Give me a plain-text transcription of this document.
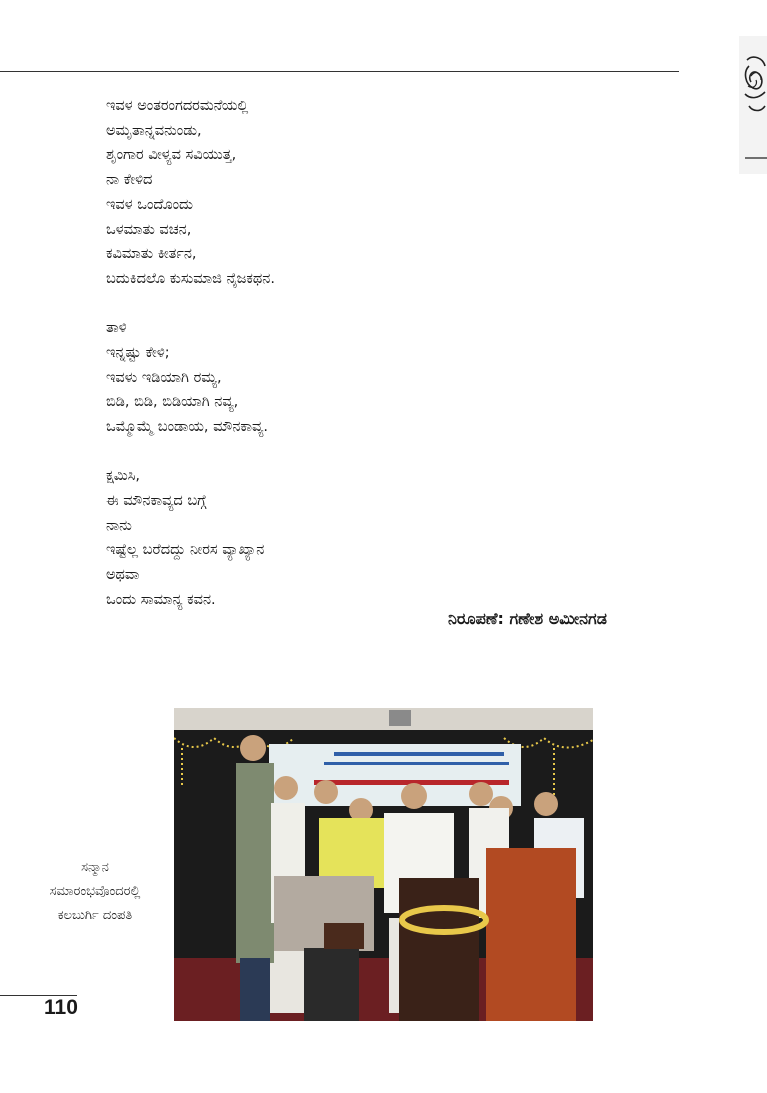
ಇವಳ ಅಂತರಂಗದರಮನೆಯಲ್ಲಿ
ಅಮೃತಾನ್ನವನುಂಡು,
ಶೃಂಗಾರ ವೀಳ್ಯವ ಸವಿಯುತ್ತ,
ನಾ ಕೇಳಿದ
ಇವಳ ಒಂದೊಂದು
ಒಳಮಾತು ವಚನ,
ಕವಿಮಾತು ಕೀರ್ತನ,
ಬದುಕಿದಲೊ ಕುಸುಮಾಜಿ ನೈಜಕಥನ.
ತಾಳಿ
ಇನ್ನಷ್ಟು ಕೇಳಿ;
ಇವಳು ಇಡಿಯಾಗಿ ರಮ್ಯ,
ಬಿಡಿ, ಬಿಡಿ, ಬಿಡಿಯಾಗಿ ನವ್ಯ,
ಒಮ್ಮೊಮ್ಮೆ ಬಂಡಾಯ, ಮೌನಕಾವ್ಯ.
ಕ್ಷಮಿಸಿ,
ಈ ಮೌನಕಾವ್ಯದ ಬಗ್ಗೆ
ನಾನು
ಇಷ್ಟೆಲ್ಲ ಬರೆದದ್ದು ನೀರಸ ವ್ಯಾಖ್ಯಾನ
ಅಥವಾ
ಒಂದು ಸಾಮಾನ್ಯ ಕವನ.
ನಿರೂಪಣೆ: ಗಣೇಶ ಅಮೀನಗಡ
ಸನ್ಮಾನ
ಸಮಾರಂಭವೊಂದರಲ್ಲಿ
ಕಲಬುರ್ಗಿ ದಂಪತಿ
110
